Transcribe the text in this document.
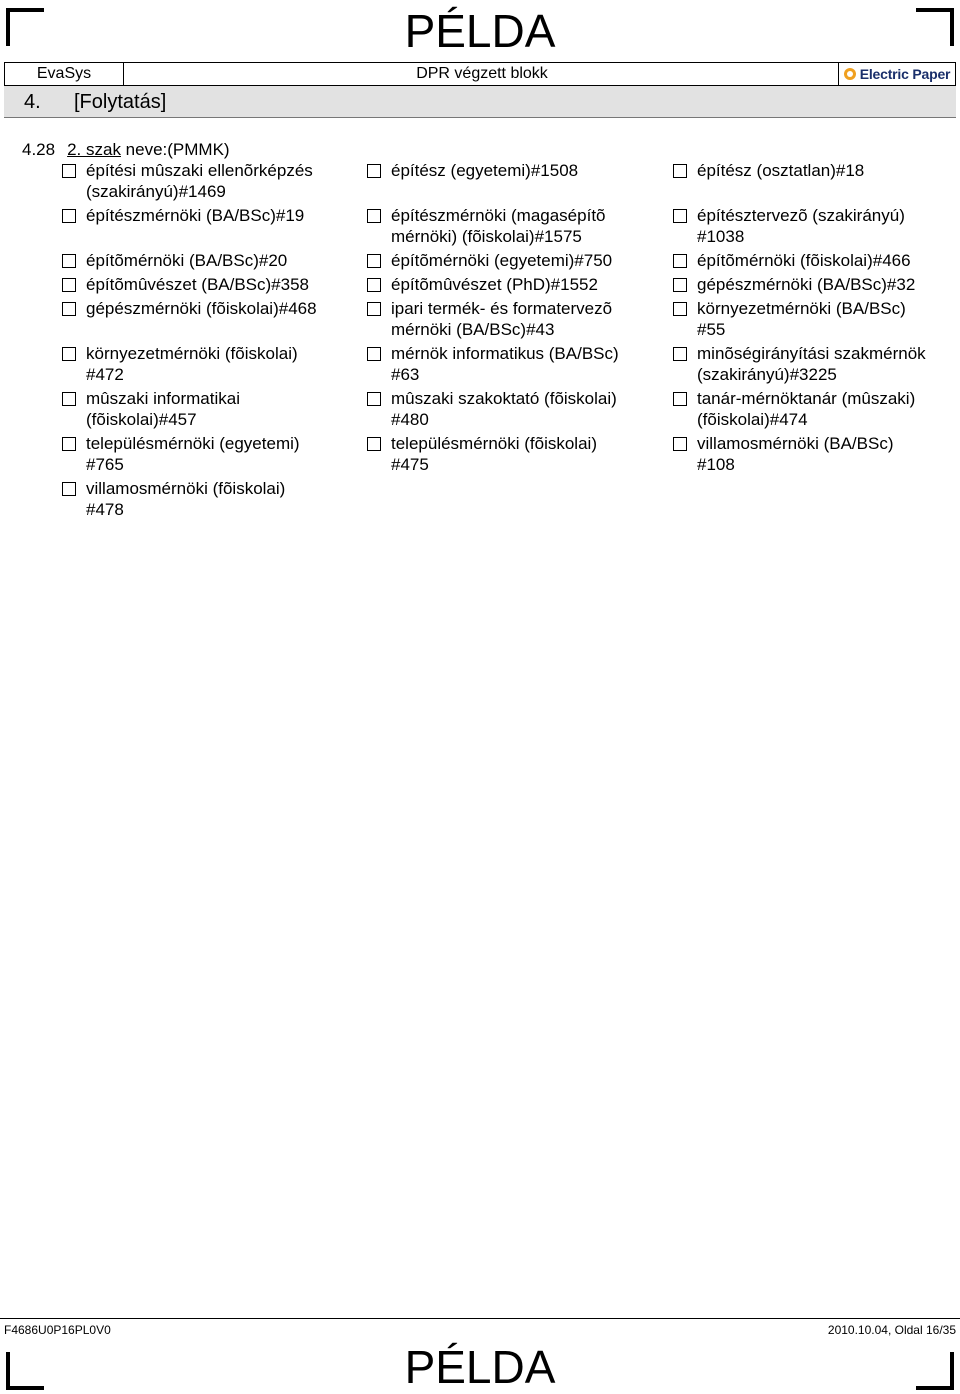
PÉLDA
EvaSys	DPR végzett blokk	Electric Paper
4. [Folytatás]
4.28 2. szak neve:(PMMK)
építési mûszaki ellenõrképzés
(szakirányú)#1469
építészmérnöki (BA/BSc)#19
építõmérnöki (BA/BSc)#20
építõmûvészet (BA/BSc)#358
gépészmérnöki (fõiskolai)#468
környezetmérnöki (fõiskolai)
#472
mûszaki informatikai
(fõiskolai)#457
településmérnöki (egyetemi)
#765
villamosmérnöki (fõiskolai)
#478
építész (egyetemi)#1508
építészmérnöki (magasépítõ
mérnöki) (fõiskolai)#1575
építõmérnöki (egyetemi)#750
építõmûvészet (PhD)#1552
ipari termék- és formatervezõ
mérnöki (BA/BSc)#43
mérnök informatikus (BA/BSc)
#63
mûszaki szakoktató (fõiskolai)
#480
településmérnöki (fõiskolai)
#475
építész (osztatlan)#18
építésztervezõ (szakirányú)
#1038
építõmérnöki (fõiskolai)#466
gépészmérnöki (BA/BSc)#32
környezetmérnöki (BA/BSc)
#55
minõségirányítási szakmérnök
(szakirányú)#3225
tanár-mérnöktanár (mûszaki)
(fõiskolai)#474
villamosmérnöki (BA/BSc)
#108
F4686U0P16PL0V0	2010.10.04, Oldal 16/35
PÉLDA
